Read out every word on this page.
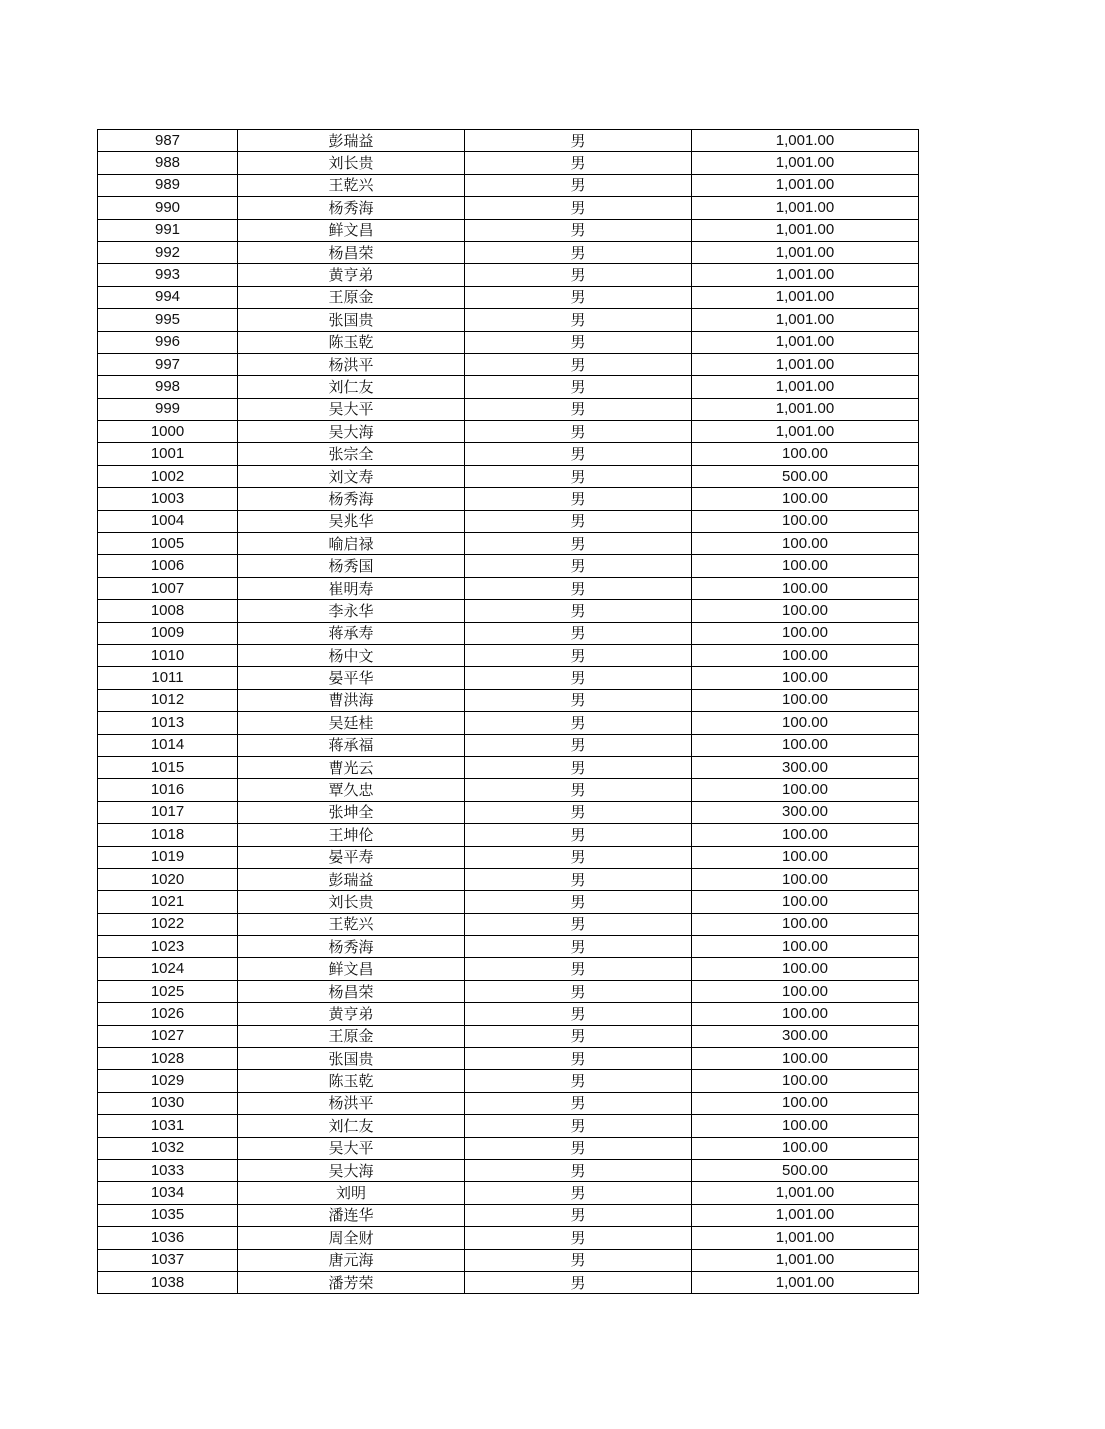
987	彭瑞益	男	1,001.00
988	刘长贵	男	1,001.00
989	王乾兴	男	1,001.00
990	杨秀海	男	1,001.00
991	鲜文昌	男	1,001.00
992	杨昌荣	男	1,001.00
993	黄亨弟	男	1,001.00
994	王原金	男	1,001.00
995	张国贵	男	1,001.00
996	陈玉乾	男	1,001.00
997	杨洪平	男	1,001.00
998	刘仁友	男	1,001.00
999	吴大平	男	1,001.00
1000	吴大海	男	1,001.00
1001	张宗全	男	100.00
1002	刘文寿	男	500.00
1003	杨秀海	男	100.00
1004	吴兆华	男	100.00
1005	喻启禄	男	100.00
1006	杨秀国	男	100.00
1007	崔明寿	男	100.00
1008	李永华	男	100.00
1009	蒋承寿	男	100.00
1010	杨中文	男	100.00
1011	晏平华	男	100.00
1012	曹洪海	男	100.00
1013	吴廷桂	男	100.00
1014	蒋承福	男	100.00
1015	曹光云	男	300.00
1016	覃久忠	男	100.00
1017	张坤全	男	300.00
1018	王坤伦	男	100.00
1019	晏平寿	男	100.00
1020	彭瑞益	男	100.00
1021	刘长贵	男	100.00
1022	王乾兴	男	100.00
1023	杨秀海	男	100.00
1024	鲜文昌	男	100.00
1025	杨昌荣	男	100.00
1026	黄亨弟	男	100.00
1027	王原金	男	300.00
1028	张国贵	男	100.00
1029	陈玉乾	男	100.00
1030	杨洪平	男	100.00
1031	刘仁友	男	100.00
1032	吴大平	男	100.00
1033	吴大海	男	500.00
1034	刘明	男	1,001.00
1035	潘连华	男	1,001.00
1036	周全财	男	1,001.00
1037	唐元海	男	1,001.00
1038	潘芳荣	男	1,001.00
